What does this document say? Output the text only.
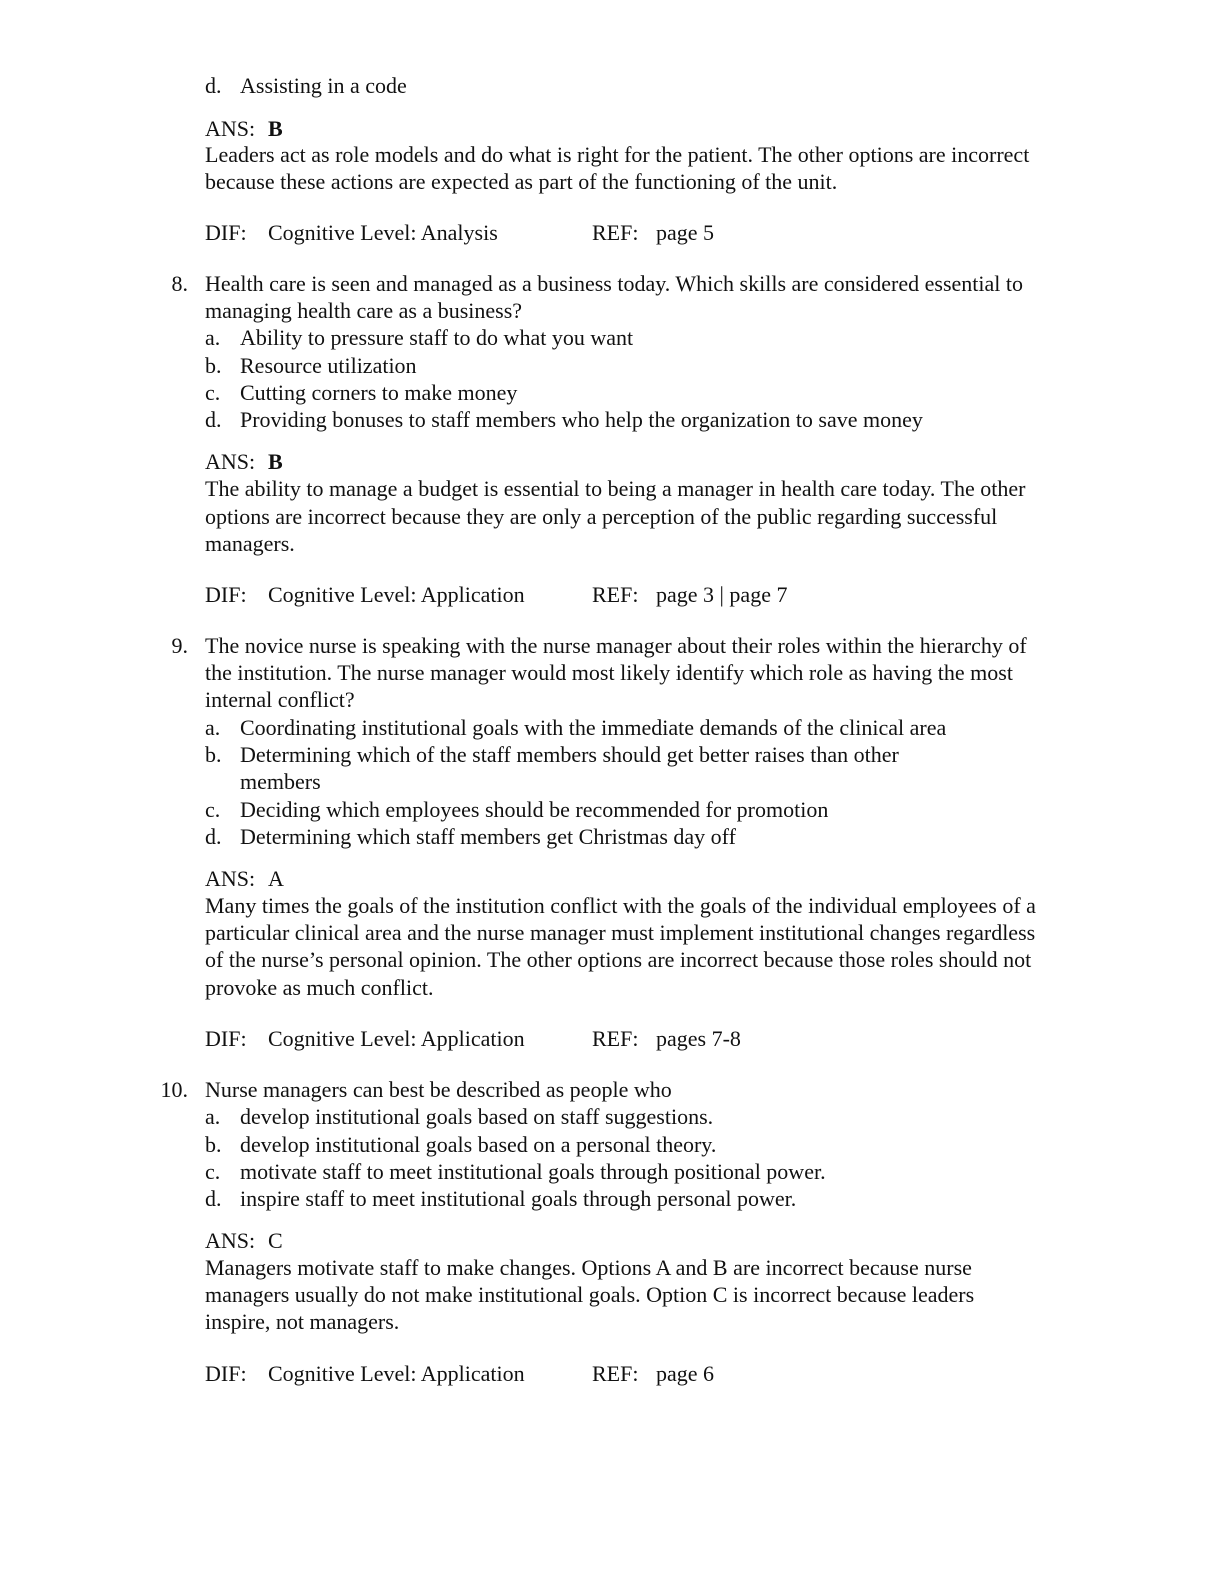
d. Assisting in a code
ANS: B
Leaders act as role models and do what is right for the patient. The other options are incorrect
because these actions are expected as part of the functioning of the unit.
DIF: Cognitive Level: Analysis	REF: page 5
8. Health care is seen and managed as a business today. Which skills are considered essential to
managing health care as a business?
a. Ability to pressure staff to do what you want
b. Resource utilization
c. Cutting corners to make money
d. Providing bonuses to staff members who help the organization to save money
ANS: B
The ability to manage a budget is essential to being a manager in health care today. The other
options are incorrect because they are only a perception of the public regarding successful
managers.
DIF: Cognitive Level: Application	REF: page 3 | page 7
9. The novice nurse is speaking with the nurse manager about their roles within the hierarchy of
the institution. The nurse manager would most likely identify which role as having the most
internal conflict?
a. Coordinating institutional goals with the immediate demands of the clinical area
b. Determining which of the staff members should get better raises than other
members
c. Deciding which employees should be recommended for promotion
d. Determining which staff members get Christmas day off
ANS: A
Many times the goals of the institution conflict with the goals of the individual employees of a
particular clinical area and the nurse manager must implement institutional changes regardless
of the nurse’s personal opinion. The other options are incorrect because those roles should not
provoke as much conflict.
DIF: Cognitive Level: Application	REF: pages 7-8
10. Nurse managers can best be described as people who
a. develop institutional goals based on staff suggestions.
b. develop institutional goals based on a personal theory.
c. motivate staff to meet institutional goals through positional power.
d. inspire staff to meet institutional goals through personal power.
ANS: C
Managers motivate staff to make changes. Options A and B are incorrect because nurse
managers usually do not make institutional goals. Option C is incorrect because leaders
inspire, not managers.
DIF: Cognitive Level: Application	REF: page 6
